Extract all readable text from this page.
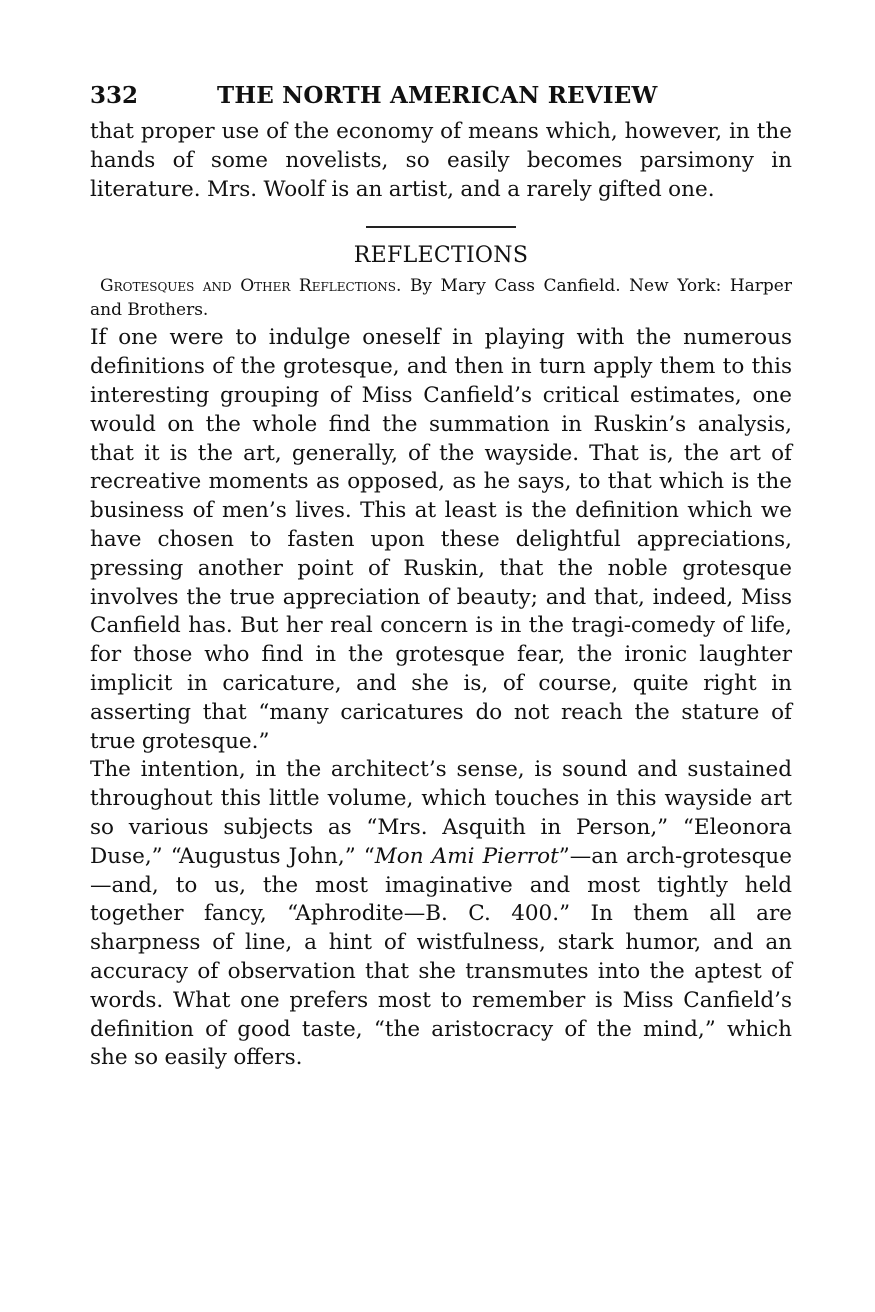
332	THE NORTH AMERICAN REVIEW

that proper use of the economy of means which, however, in the hands of some novelists, so easily becomes parsimony in literature. Mrs. Woolf is an artist, and a rarely gifted one.

REFLECTIONS

Grotesques and Other Reflections. By Mary Cass Canfield. New York: Harper and Brothers.

If one were to indulge oneself in playing with the numerous definitions of the grotesque, and then in turn apply them to this interesting grouping of Miss Canfield’s critical estimates, one would on the whole find the summation in Ruskin’s analysis, that it is the art, generally, of the wayside. That is, the art of recreative moments as opposed, as he says, to that which is the business of men’s lives. This at least is the definition which we have chosen to fasten upon these delightful appreciations, pressing another point of Ruskin, that the noble grotesque involves the true appreciation of beauty; and that, indeed, Miss Canfield has. But her real concern is in the tragi-comedy of life, for those who find in the grotesque fear, the ironic laughter implicit in caricature, and she is, of course, quite right in asserting that “many caricatures do not reach the stature of true grotesque.”

The intention, in the architect’s sense, is sound and sustained throughout this little volume, which touches in this wayside art so various subjects as “Mrs. Asquith in Person,” “Eleonora Duse,” “Augustus John,” “Mon Ami Pierrot”—an arch-grotesque—and, to us, the most imaginative and most tightly held together fancy, “Aphrodite—B. C. 400.” In them all are sharpness of line, a hint of wistfulness, stark humor, and an accuracy of observation that she transmutes into the aptest of words. What one prefers most to remember is Miss Canfield’s definition of good taste, “the aristocracy of the mind,” which she so easily offers.
